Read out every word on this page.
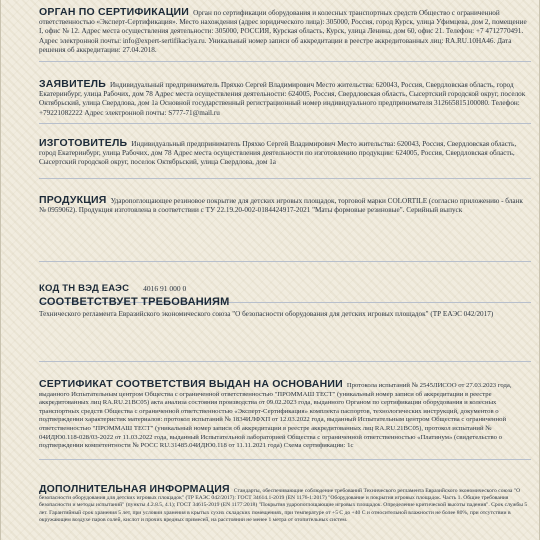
ОРГАН ПО СЕРТИФИКАЦИИ Орган по сертификации оборудования и колесных транспортных средств Общество с ограниченной ответственностью «Эксперт-Сертификация». Место нахождения (адрес юридического лица): 305000, Россия, город Курск, улица Уфимцева, дом 2, помещение I, офис № 12. Адрес места осуществления деятельности: 305000, РОССИЯ, Курская область, Курск, улица Ленина, дом 60, офис 21. Телефон: +7 4712770491. Адрес электронной почты: info@expert-sertifikaciya.ru. Уникальный номер записи об аккредитации в реестре аккредитованных лиц: RA.RU.10HA46. Дата решения об аккредитации: 27.04.2018.
ЗАЯВИТЕЛЬ Индивидуальный предприниматель Пряхко Сергей Владимирович Место жительства: 620043, Россия, Свердловская область, город Екатеринбург, улица Рабочих, дом 78 Адрес места осуществления деятельности: 624005, Россия, Свердловская область, Сысертский городской округ, поселок Октябрьский, улица Свердлова, дом 1а Основной государственный регистрационный номер индивидуального предпринимателя 312665815100080. Телефон: +79221082222 Адрес электронной почты: S777-71@mail.ru
ИЗГОТОВИТЕЛЬ Индивидуальный предприниматель Пряхко Сергей Владимирович Место жительства: 620043, Россия, Свердловская область, город Екатеринбург, улица Рабочих, дом 78 Адрес места осуществления деятельности по изготовлению продукции: 624005, Россия, Свердловская область, Сысертский городской округ, поселок Октябрьский, улица Свердлова, дом 1а
ПРОДУКЦИЯ Ударопоглощающее резиновое покрытие для детских игровых площадок, торговой марки COLORTILE (согласно приложению - бланк № 0959062). Продукция изготовлена в соответствии с ТУ 22.19.20-002-0184424917-2021 "Маты формовые резиновые". Серийный выпуск
КОД ТН ВЭД ЕАЭС 4016 91 000 0
СООТВЕТСТВУЕТ ТРЕБОВАНИЯМ
Технического регламента Евразийского экономического союза "О безопасности оборудования для детских игровых площадок" (ТР ЕАЭС 042/2017)
СЕРТИФИКАТ СООТВЕТСТВИЯ ВЫДАН НА ОСНОВАНИИ Протокола испытаний № 2545ЛИСОО от 27.03.2023 года, выданного Испытательным центром Общества с ограниченной ответственностью "ПРОММАШ ТЕСТ" (уникальный номер записи об аккредитации в реестре аккредитованных лиц RA.RU.21BC05) акта анализа состояния производства от 09.02.2023 года, выданного Органом по сертификации оборудования и колесных транспортных средств Общества с ограниченной ответственностью «Эксперт-Сертификация» комплекта паспортов, технологических инструкций, документов о подтверждении характеристик материалов: протокол испытаний № 1834ИЛФХП от 12.03.2022 года, выданный Испытательным центром Общества с ограниченной ответственностью "ПРОММАШ ТЕСТ" (уникальный номер записи об аккредитации в реестре аккредитованных лиц RA.RU.21BC05), протокол испытаний № 04ИДЮ0.118-028/03-2022 от 11.03.2022 года, выданный Испытательной лабораторией Общества с ограниченной ответственностью «Платинум» (свидетельство о подтверждении компетентности № РОСС RU.31485.04ИДЮ0.118 от 11.11.2021 года) Схема сертификации: 1с
ДОПОЛНИТЕЛЬНАЯ ИНФОРМАЦИЯ Стандарты, обеспечивающие соблюдение требований Технического регламента Евразийского экономического союза "О безопасности оборудования для детских игровых площадок" (ТР ЕАЭС 042/2017): ГОСТ 34614.1-2019 (EN 1176-1:2017) "Оборудование и покрытия игровых площадок. Часть 1. Общие требования безопасности и методы испытаний" (пункты 4.2.8.5, 4.1); ГОСТ 34615-2019 (EN 1177:2018) "Покрытия ударопоглощающие игровых площадок. Определение критической высоты падения". Срок службы 5 лет. Гарантийный срок хранения 5 лет, при условии хранения в крытых сухих складских помещениях, при температуре от +5 С до +40 С и относительной влажности не более 80%, при отсутствии в окружающем воздухе паров солей, кислот и прочих вредных примесей, на расстоянии не менее 1 метра от отопительных систем.
